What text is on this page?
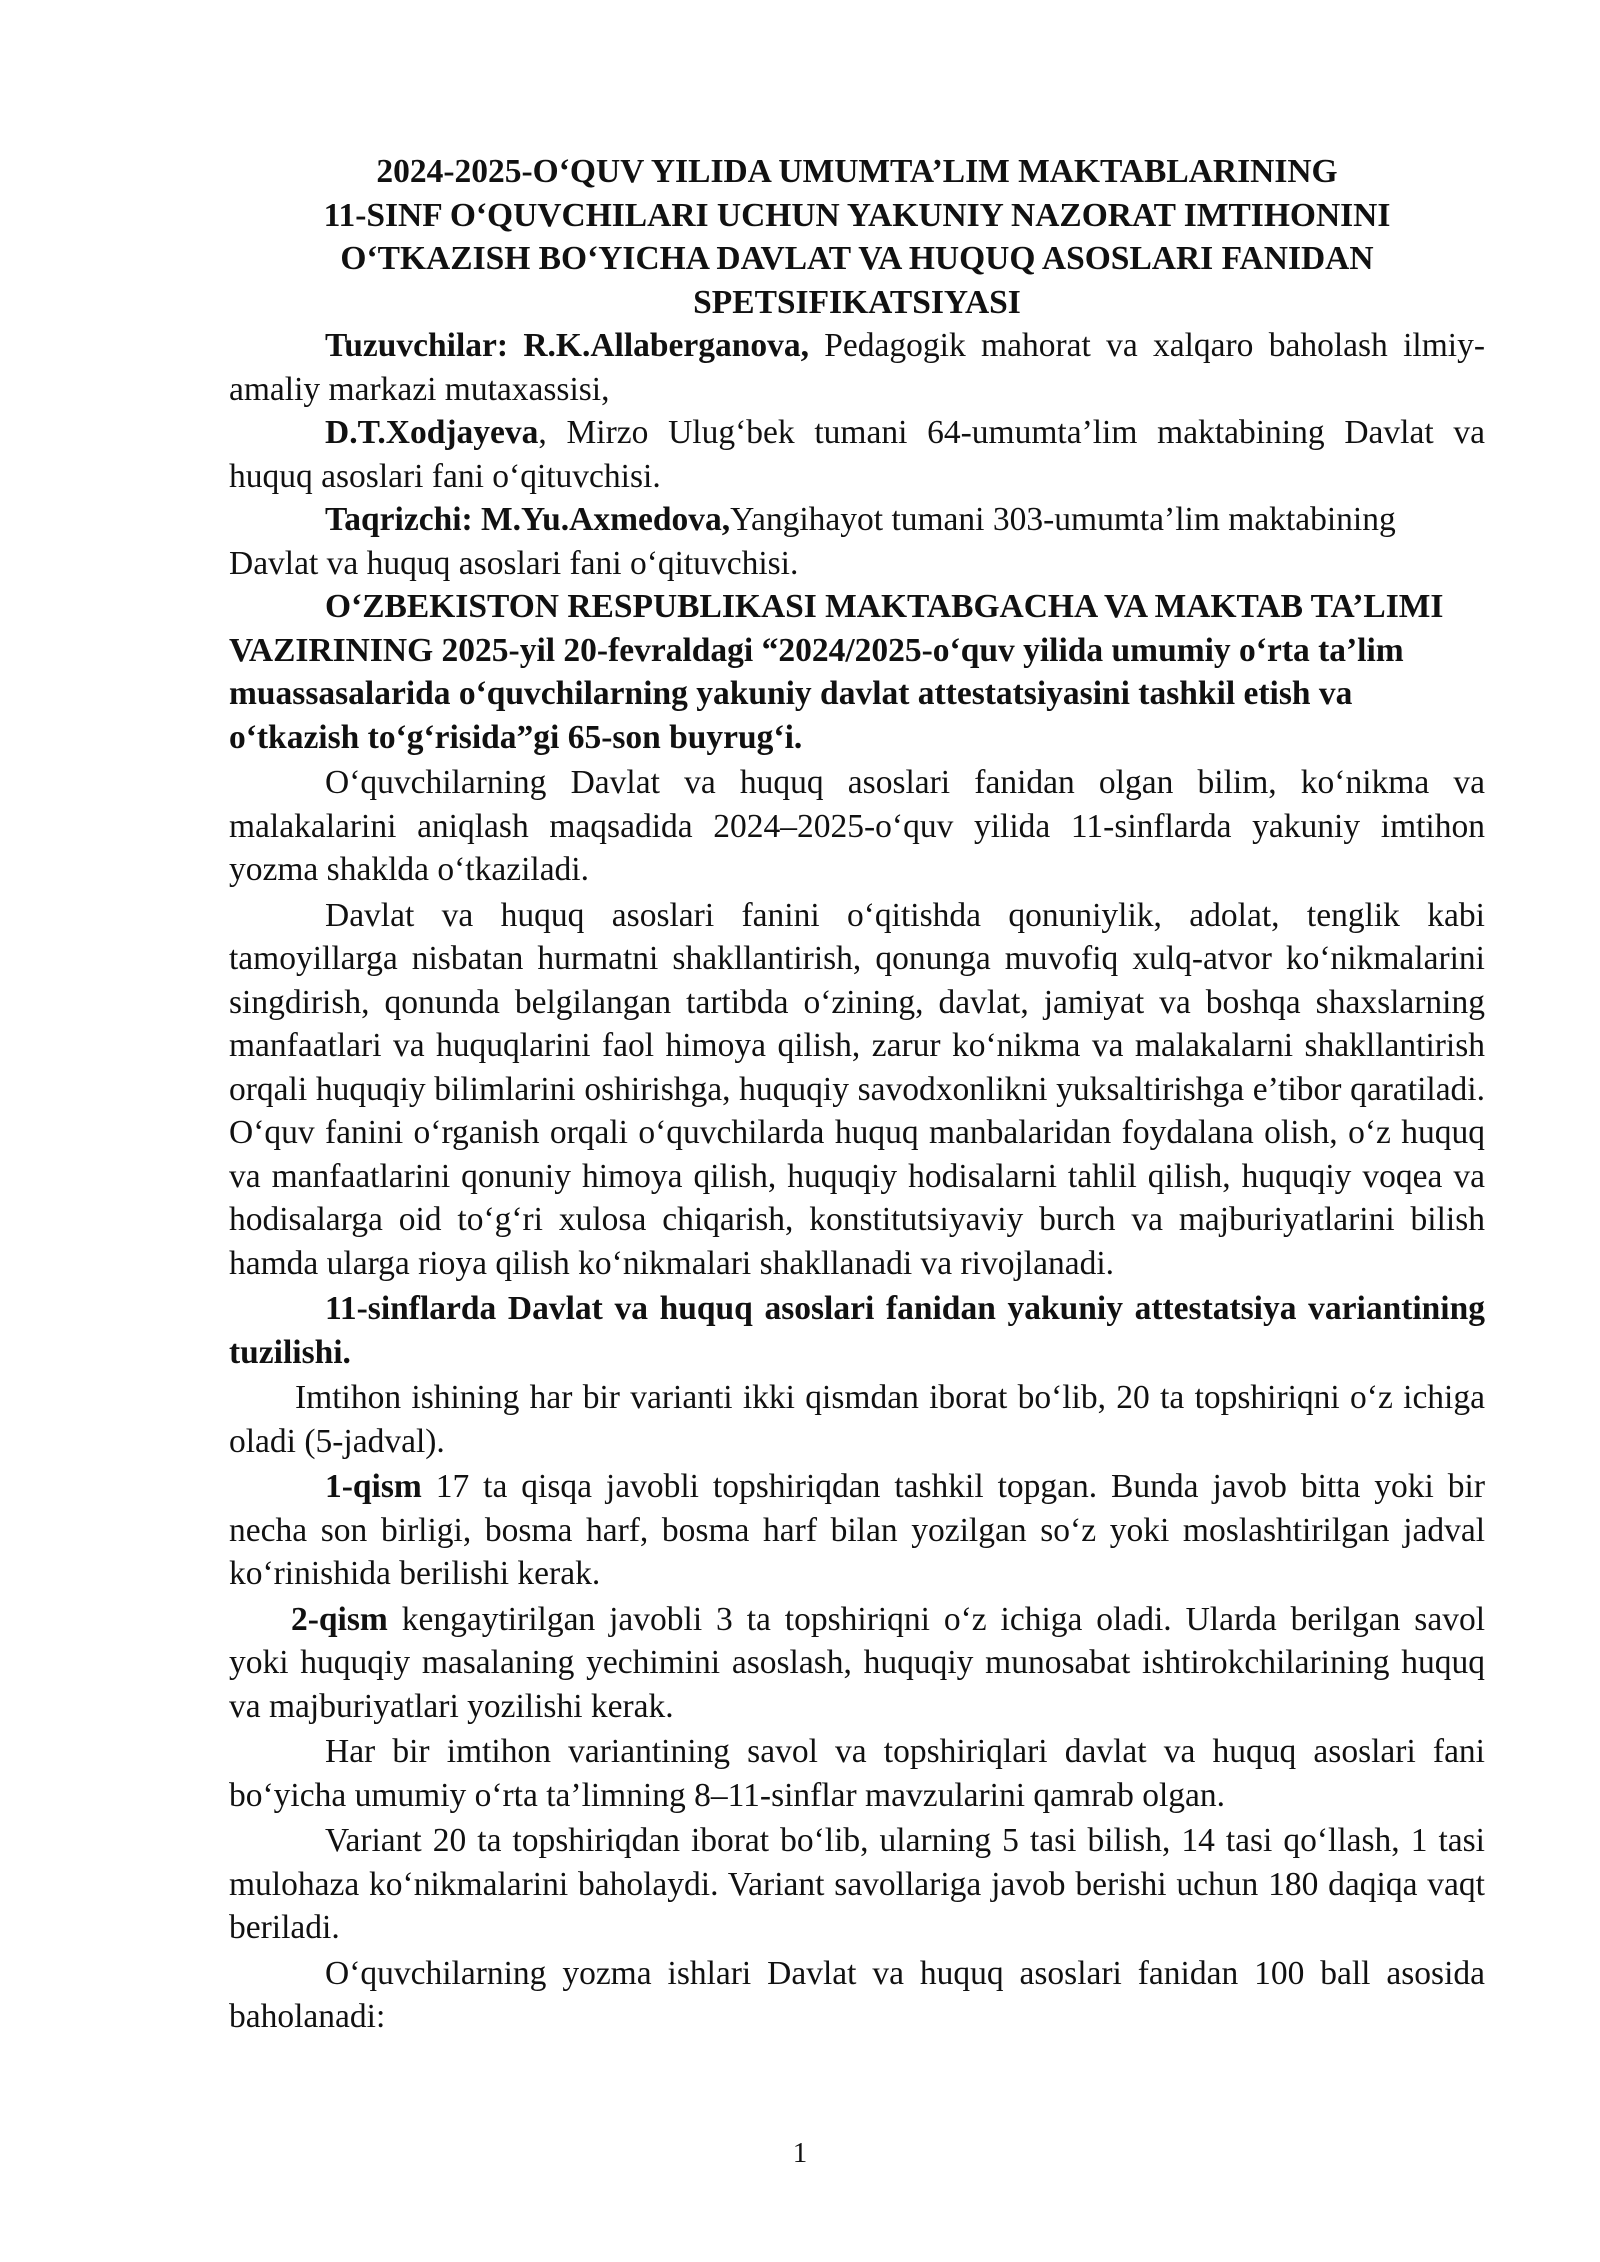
2024-2025-O‘QUV YILIDA UMUMTA’LIM MAKTABLARINING
11-SINF O‘QUVCHILARI UCHUN YAKUNIY NAZORAT IMTIHONINI
O‘TKAZISH BO‘YICHA DAVLAT VA HUQUQ ASOSLARI FANIDAN
SPETSIFIKATSIYASI

Tuzuvchilar: R.K.Allaberganova, Pedagogik mahorat va xalqaro baholash ilmiy-amaliy markazi mutaxassisi,

D.T.Xodjayeva, Mirzo Ulug‘bek tumani 64-umumta’lim maktabining Davlat va huquq asoslari fani o‘qituvchisi.

Taqrizchi: M.Yu.Axmedova,Yangihayot tumani 303-umumta’lim maktabining Davlat va huquq asoslari fani o‘qituvchisi.

O‘ZBEKISTON RESPUBLIKASI MAKTABGACHA VA MAKTAB TA’LIMI VAZIRINING 2025-yil 20-fevraldagi “2024/2025-o‘quv yilida umumiy o‘rta ta’lim muassasalarida o‘quvchilarning yakuniy davlat attestatsiyasini tashkil etish va o‘tkazish to‘g‘risida”gi 65-son buyrug‘i.

O‘quvchilarning Davlat va huquq asoslari fanidan olgan bilim, ko‘nikma va malakalarini aniqlash maqsadida 2024–2025-o‘quv yilida 11-sinflarda yakuniy imtihon yozma shaklda o‘tkaziladi.

Davlat va huquq asoslari fanini o‘qitishda qonuniylik, adolat, tenglik kabi tamoyillarga nisbatan hurmatni shakllantirish, qonunga muvofiq xulq-atvor ko‘nikmalarini singdirish, qonunda belgilangan tartibda o‘zining, davlat, jamiyat va boshqa shaxslarning manfaatlari va huquqlarini faol himoya qilish, zarur ko‘nikma va malakalarni shakllantirish orqali huquqiy bilimlarini oshirishga, huquqiy savodxonlikni yuksaltirishga e’tibor qaratiladi. O‘quv fanini o‘rganish orqali o‘quvchilarda huquq manbalaridan foydalana olish, o‘z huquq va manfaatlarini qonuniy himoya qilish, huquqiy hodisalarni tahlil qilish, huquqiy voqea va hodisalarga oid to‘g‘ri xulosa chiqarish, konstitutsiyaviy burch va majburiyatlarini bilish hamda ularga rioya qilish ko‘nikmalari shakllanadi va rivojlanadi.

11-sinflarda Davlat va huquq asoslari fanidan yakuniy attestatsiya variantining tuzilishi.

Imtihon ishining har bir varianti ikki qismdan iborat bo‘lib, 20 ta topshiriqni o‘z ichiga oladi (5-jadval).

1-qism 17 ta qisqa javobli topshiriqdan tashkil topgan. Bunda javob bitta yoki bir necha son birligi, bosma harf, bosma harf bilan yozilgan so‘z yoki moslashtirilgan jadval ko‘rinishida berilishi kerak.

2-qism kengaytirilgan javobli 3 ta topshiriqni o‘z ichiga oladi. Ularda berilgan savol yoki huquqiy masalaning yechimini asoslash, huquqiy munosabat ishtirokchilarining huquq va majburiyatlari yozilishi kerak.

Har bir imtihon variantining savol va topshiriqlari davlat va huquq asoslari fani bo‘yicha umumiy o‘rta ta’limning 8–11-sinflar mavzularini qamrab olgan.

Variant 20 ta topshiriqdan iborat bo‘lib, ularning 5 tasi bilish, 14 tasi qo‘llash, 1 tasi mulohaza ko‘nikmalarini baholaydi. Variant savollariga javob berishi uchun 180 daqiqa vaqt beriladi.

O‘quvchilarning yozma ishlari Davlat va huquq asoslari fanidan 100 ball asosida baholanadi:

1
